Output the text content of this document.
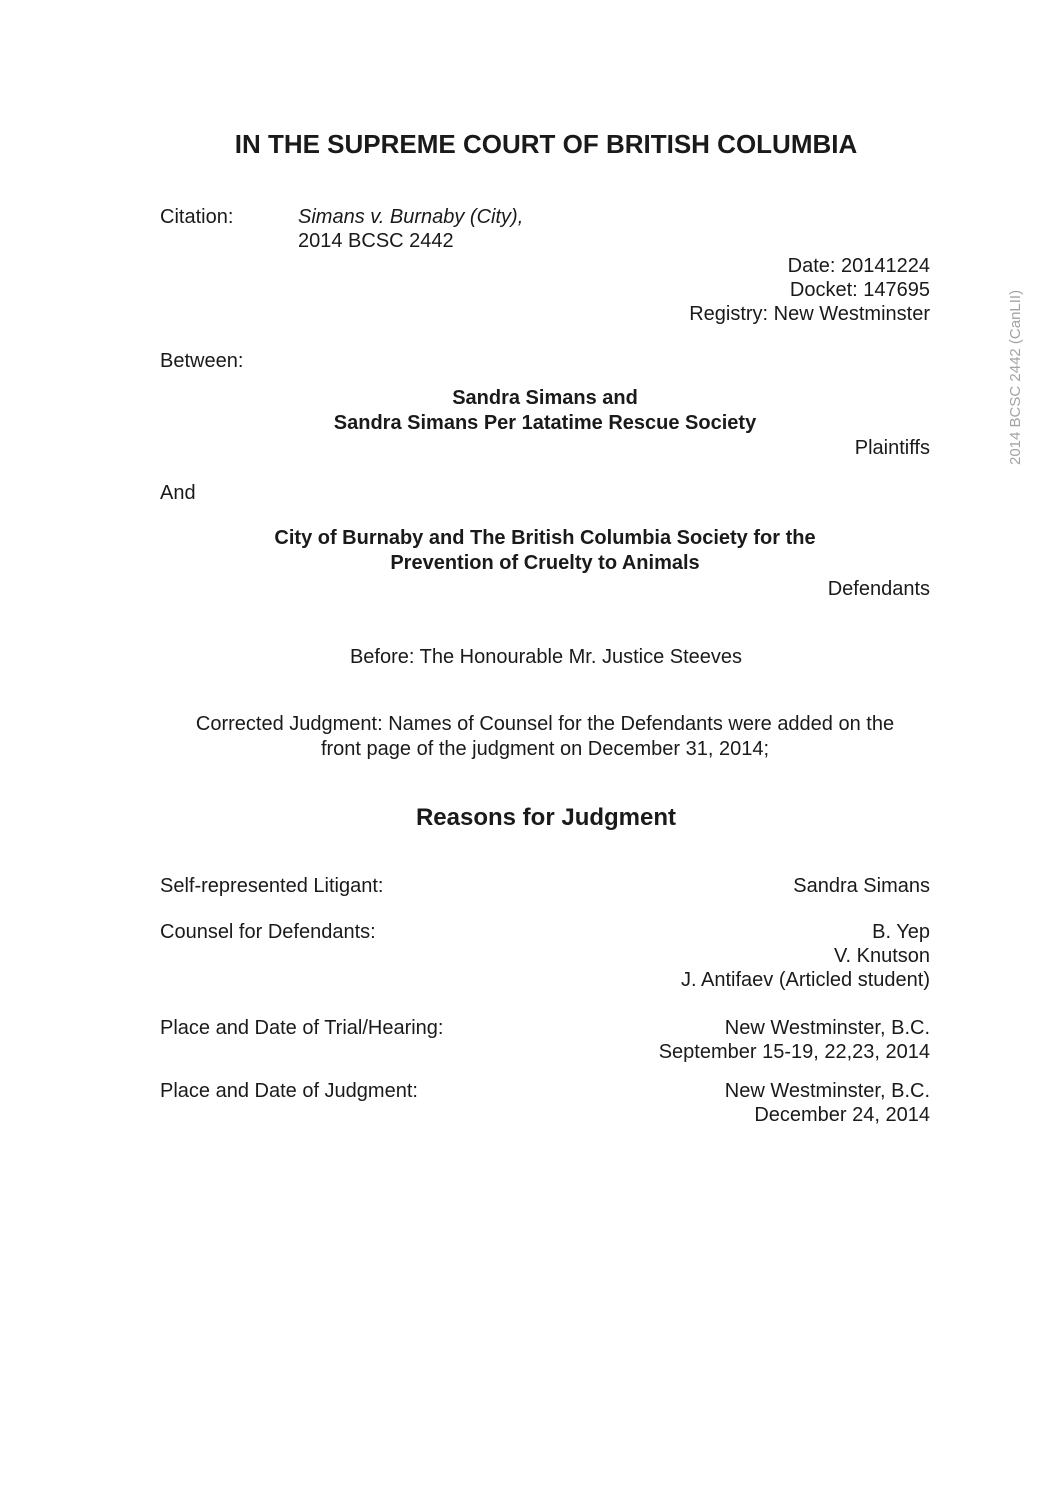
IN THE SUPREME COURT OF BRITISH COLUMBIA
Citation:	Simans v. Burnaby (City),
2014 BCSC 2442
Date: 20141224
Docket: 147695
Registry: New Westminster
Between:
Sandra Simans and
Sandra Simans Per 1atatime Rescue Society
Plaintiffs
And
City of Burnaby and The British Columbia Society for the
Prevention of Cruelty to Animals
Defendants
Before: The Honourable Mr. Justice Steeves
Corrected Judgment: Names of Counsel for the Defendants were added on the
front page of the judgment on December 31, 2014;
Reasons for Judgment
Self-represented Litigant:	Sandra Simans
Counsel for Defendants:	B. Yep
V. Knutson
J. Antifaev (Articled student)
Place and Date of Trial/Hearing:	New Westminster, B.C.
September 15-19, 22,23, 2014
Place and Date of Judgment:	New Westminster, B.C.
December 24, 2014
2014 BCSC 2442 (CanLII)
